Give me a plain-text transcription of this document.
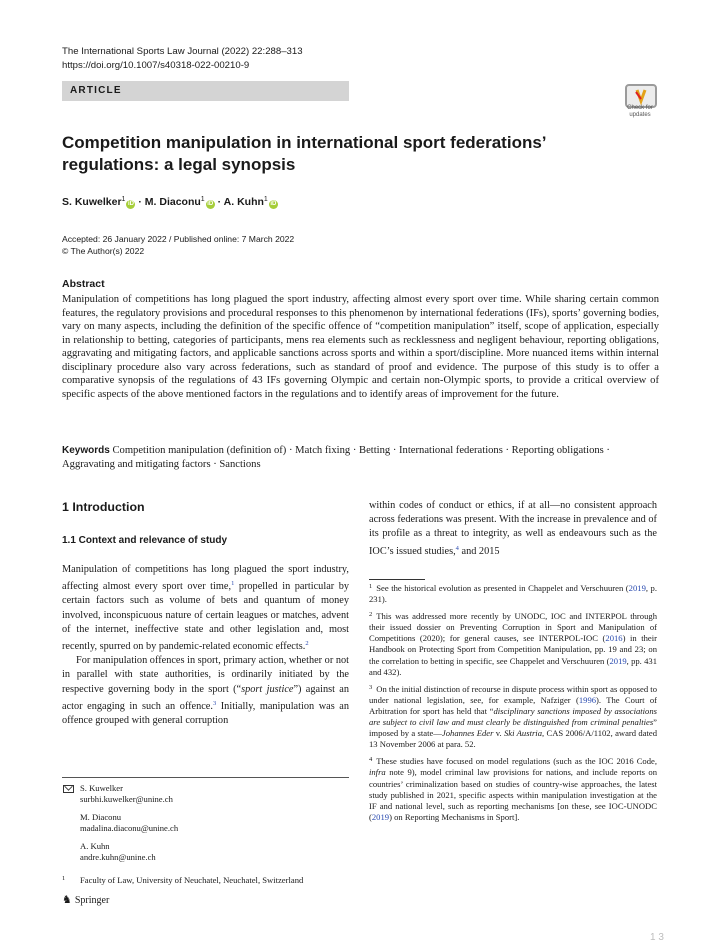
The International Sports Law Journal (2022) 22:288–313
https://doi.org/10.1007/s40318-022-00210-9
ARTICLE
Check for updates
Competition manipulation in international sport federations’ regulations: a legal synopsis
S. Kuwelker$^1$iD · M. Diaconu$^1$iD · A. Kuhn$^1$iD
Accepted: 26 January 2022 / Published online: 7 March 2022
© The Author(s) 2022
Abstract
Manipulation of competitions has long plagued the sport industry, affecting almost every sport over time. While sharing certain common features, the regulatory provisions and procedural responses to this phenomenon by international federations (IFs), sports’ governing bodies, vary on many aspects, including the definition of the specific offence of “competition manipulation” itself, scope of application, especially in relationship to betting, categories of participants, mens rea elements such as recklessness and negligent behaviour, reporting obligations, aggravating and mitigating factors, and applicable sanctions across sports and within a sport/discipline. More nuanced items within internal disciplinary procedure also vary across federations, such as standard of proof and evidence. The purpose of this study is to offer a comparative synopsis of the regulations of 43 IFs governing Olympic and certain non-Olympic sports, to provide a critical overview of specific aspects of the above mentioned factors in the regulations and to identify areas of improvement for the future.
Keywords Competition manipulation (definition of) · Match fixing · Betting · International federations · Reporting obligations · Aggravating and mitigating factors · Sanctions
1 Introduction
1.1 Context and relevance of study

Manipulation of competitions has long plagued the sport industry, affecting almost every sport over time,$^1$ propelled in particular by certain factors such as volume of bets and quantum of money involved, inconspicuous nature of certain leagues or matches, advent of the internet, ineffective state and other legislation and, most recently, spurred on by pandemic-related economic effects.$^2$

For manipulation offences in sport, primary action, whether or not in parallel with state authorities, is ordinarily initiated by the respective governing body in the sport (“sport justice”) against an actor engaging in such an offence.$^3$ Initially, manipulation was an offence grouped with general corruption

S. Kuwelker
surbhi.kuwelker@unine.ch
M. Diaconu
madalina.diaconu@unine.ch
A. Kuhn
andre.kuhn@unine.ch
1 Faculty of Law, University of Neuchatel, Neuchatel, Switzerland
♞ Springer
within codes of conduct or ethics, if at all—no consistent approach across federations was present. With the increase in prevalence and of its profile as a threat to integrity, as well as endeavours such as the IOC’s issued studies,$^4$ and 2015
$^1$ See the historical evolution as presented in Chappelet and Verschuuren (2019, p. 231).
$^2$ This was addressed more recently by UNODC, IOC and INTERPOL through their issued dossier on Preventing Corruption in Sport and Manipulation of Competitions (2020); for general causes, see INTERPOL-IOC (2016) in their Handbook on Protecting Sport from Competition Manipulation, pp. 19 and 23; on the correlation to betting in specific, see Chappelet and Verschuuren (2019, pp. 431 and 432).
$^3$ On the initial distinction of recourse in dispute process within sport as opposed to under national legislation, see, for example, Nafziger (1996). The Court of Arbitration for sport has held that “disciplinary sanctions imposed by associations are subject to civil law and must clearly be distinguished from criminal penalties” imposed by a state—Johannes Eder v. Ski Austria, CAS 2006/A/1102, award dated 13 November 2006 at para. 52.
$^4$ These studies have focused on model regulations (such as the IOC 2016 Code, infra note 9), model criminal law provisions for nations, and include reports on countries’ criminalization based on studies of country-wise approaches, the latest study published in 2021, specific aspects within manipulation investigation at the IF and national level, such as reporting mechanisms [on these, see IOC-UNODC (2019) on Reporting Mechanisms in Sport].
1 3
